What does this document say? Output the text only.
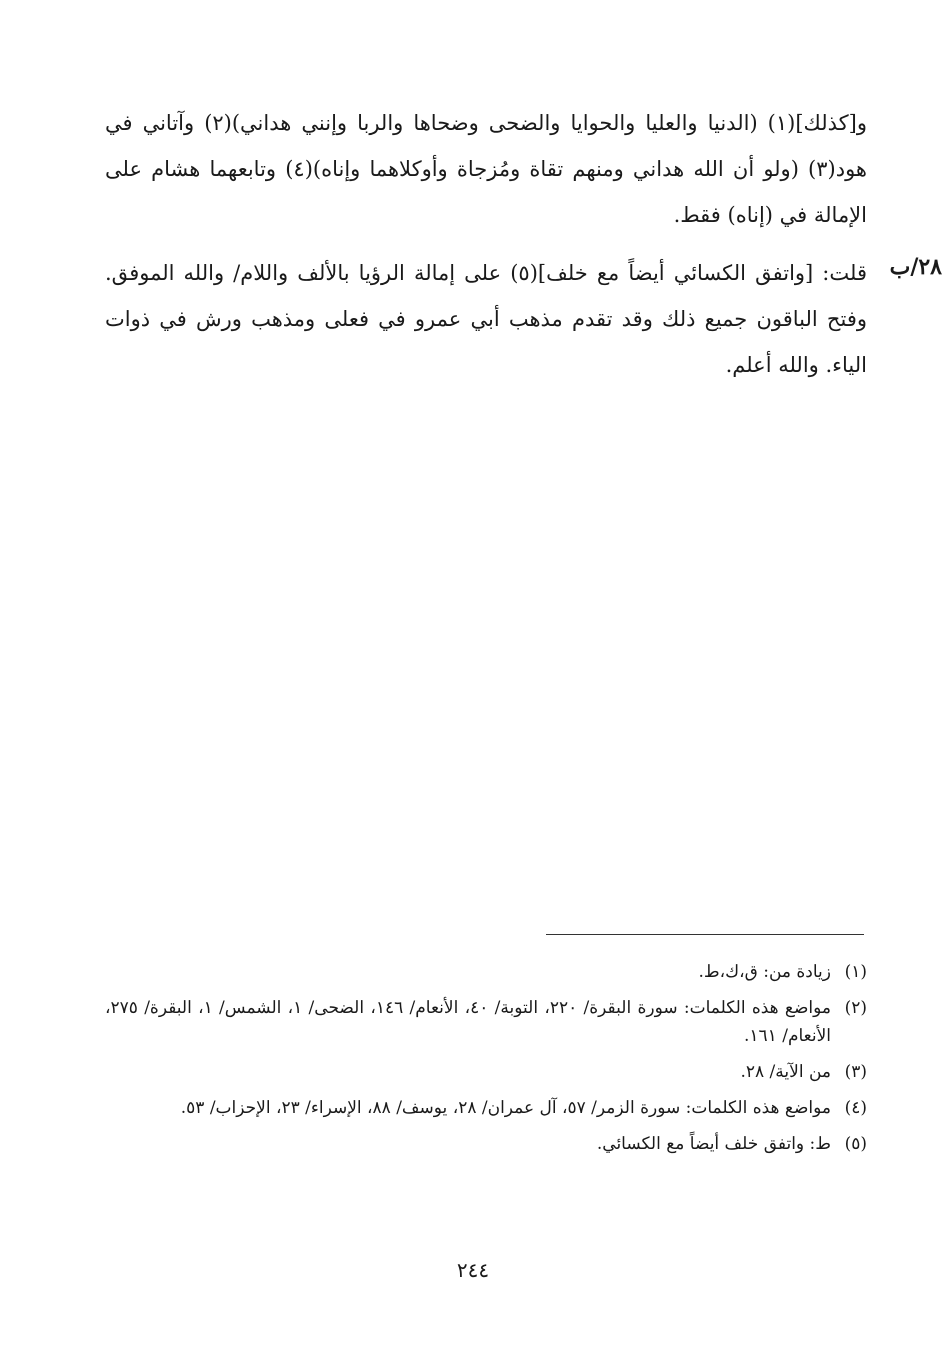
و[كذلك](١) (الدنيا والعليا والحوايا والضحى وضحاها والربا وإنني هداني)(٢) وآتاني في هود(٣) (ولو أن الله هداني ومنهم تقاة ومُزجاة وأوكلاهما وإناه)(٤) وتابعهما هشام على الإمالة في (إناه) فقط.
٢٨/ب
قلت: [واتفق الكسائي أيضاً مع خلف](٥) على إمالة الرؤيا بالألف واللام/ والله الموفق. وفتح الباقون جميع ذلك وقد تقدم مذهب أبي عمرو في فعلى ومذهب ورش في ذوات الياء. والله أعلم.
(١)
زيادة من: ق،ك،ط.
(٢)
مواضع هذه الكلمات: سورة البقرة/ ٢٢٠، التوبة/ ٤٠، الأنعام/ ١٤٦، الضحى/ ١، الشمس/ ١، البقرة/ ٢٧٥، الأنعام/ ١٦١.
(٣)
من الآية/ ٢٨.
(٤)
مواضع هذه الكلمات: سورة الزمر/ ٥٧، آل عمران/ ٢٨، يوسف/ ٨٨، الإسراء/ ٢٣، الإحزاب/ ٥٣.
(٥)
ط: واتفق خلف أيضاً مع الكسائي.
٢٤٤
